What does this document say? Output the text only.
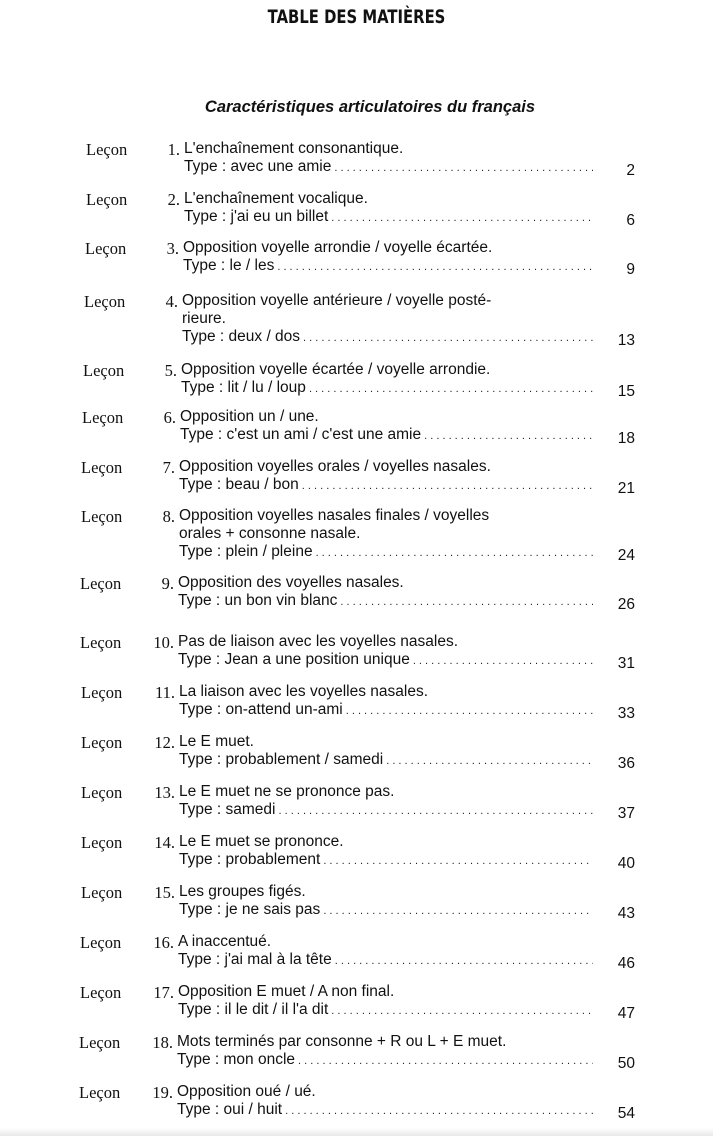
TABLE DES MATIÈRES
Caractéristiques articulatoires du français
Leçon	1. L'enchaînement consonantique.
Type : avec une amie . . .	2
Leçon	2. L'enchaînement vocalique.
Type : j'ai eu un billet . . .	6
Leçon	3. Opposition voyelle arrondie / voyelle écartée.
Type : le / les . . .	9
Leçon	4. Opposition voyelle antérieure / voyelle posté-
rieure.
Type : deux / dos . . .	13
Leçon	5. Opposition voyelle écartée / voyelle arrondie.
Type : lit / lu / loup . . .	15
Leçon	6. Opposition un / une.
Type : c'est un ami / c'est une amie . . .	18
Leçon	7. Opposition voyelles orales / voyelles nasales.
Type : beau / bon . . .	21
Leçon	8. Opposition voyelles nasales finales / voyelles
orales + consonne nasale.
Type : plein / pleine . . .	24
Leçon	9. Opposition des voyelles nasales.
Type : un bon vin blanc . . .	26
Leçon	10. Pas de liaison avec les voyelles nasales.
Type : Jean a une position unique . . .	31
Leçon	11. La liaison avec les voyelles nasales.
Type : on-attend un-ami . . .	33
Leçon	12. Le E muet.
Type : probablement / samedi . . .	36
Leçon	13. Le E muet ne se prononce pas.
Type : samedi . . .	37
Leçon	14. Le E muet se prononce.
Type : probablement . . .	40
Leçon	15. Les groupes figés.
Type : je ne sais pas . . .	43
Leçon	16. A inaccentué.
Type : j'ai mal à la tête . . .	46
Leçon	17. Opposition E muet / A non final.
Type : il le dit / il l'a dit . . .	47
Leçon	18. Mots terminés par consonne + R ou L + E muet.
Type : mon oncle . . .	50
Leçon	19. Opposition oué / ué.
Type : oui / huit . . .	54
